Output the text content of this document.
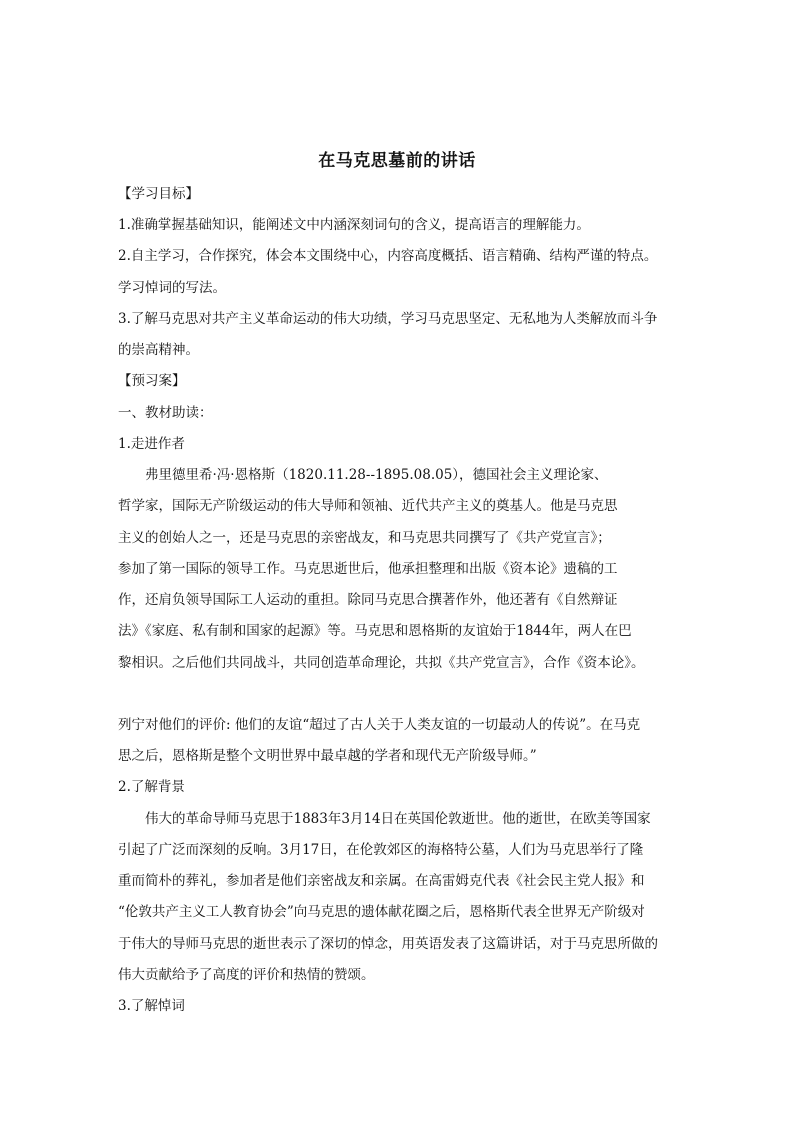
在马克思墓前的讲话
【学习目标】
1.准确掌握基础知识，能阐述文中内涵深刻词句的含义，提高语言的理解能力。
2.自主学习，合作探究，体会本文围绕中心，内容高度概括、语言精确、结构严谨的特点。
学习悼词的写法。
3.了解马克思对共产主义革命运动的伟大功绩，学习马克思坚定、无私地为人类解放而斗争
的崇高精神。
【预习案】
一、教材助读：
1.走进作者
弗里德里希·冯·恩格斯（1820.11.28--1895.08.05），德国社会主义理论家、
哲学家，国际无产阶级运动的伟大导师和领袖、近代共产主义的奠基人。他是马克思
主义的创始人之一，还是马克思的亲密战友，和马克思共同撰写了《共产党宣言》；
参加了第一国际的领导工作。马克思逝世后，他承担整理和出版《资本论》遗稿的工
作，还肩负领导国际工人运动的重担。除同马克思合撰著作外，他还著有《自然辩证
法》《家庭、私有制和国家的起源》等。马克思和恩格斯的友谊始于1844年，两人在巴
黎相识。之后他们共同战斗，共同创造革命理论，共拟《共产党宣言》，合作《资本论》。
列宁对他们的评价: 他们的友谊“超过了古人关于人类友谊的一切最动人的传说”。在马克
思之后，恩格斯是整个文明世界中最卓越的学者和现代无产阶级导师。”
2.了解背景
伟大的革命导师马克思于1883年3月14日在英国伦敦逝世。他的逝世，在欧美等国家
引起了广泛而深刻的反响。3月17日，在伦敦郊区的海格特公墓，人们为马克思举行了隆
重而简朴的葬礼，参加者是他们亲密战友和亲属。在高雷姆克代表《社会民主党人报》和
“伦敦共产主义工人教育协会”向马克思的遗体献花圈之后，恩格斯代表全世界无产阶级对
于伟大的导师马克思的逝世表示了深切的悼念，用英语发表了这篇讲话，对于马克思所做的
伟大贡献给予了高度的评价和热情的赞颂。
3.了解悼词
